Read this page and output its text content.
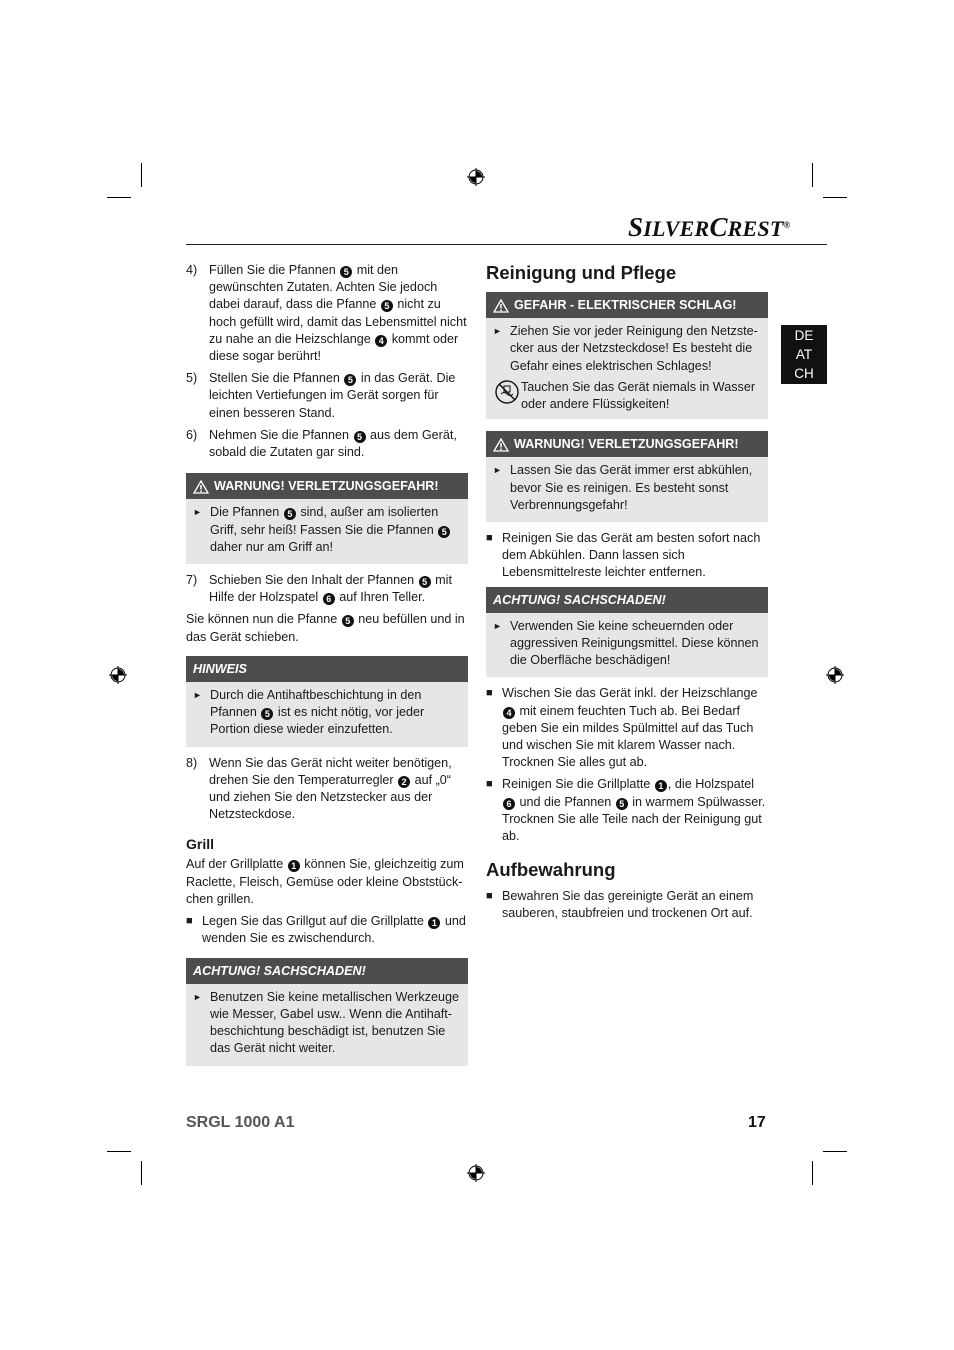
SILVERCREST®
DE
AT
CH
4) Füllen Sie die Pfannen 5 mit den gewünschten Zutaten. Achten Sie jedoch dabei darauf, dass die Pfanne 5 nicht zu hoch gefüllt wird, damit das Lebensmittel nicht zu nahe an die Heizschlange 4 kommt oder diese sogar berührt!
5) Stellen Sie die Pfannen 5 in das Gerät. Die leichten Vertiefungen im Gerät sorgen für einen besseren Stand.
6) Nehmen Sie die Pfannen 5 aus dem Gerät, sobald die Zutaten gar sind.
WARNUNG! VERLETZUNGSGEFAHR!
► Die Pfannen 5 sind, außer am isolierten Griff, sehr heiß! Fassen Sie die Pfannen 5 daher nur am Griff an!
7) Schieben Sie den Inhalt der Pfannen 5 mit Hilfe der Holzspatel 6 auf Ihren Teller.

Sie können nun die Pfanne 5 neu befüllen und in das Gerät schieben.

HINWEIS
► Durch die Antihaftbeschichtung in den Pfannen 5 ist es nicht nötig, vor jeder Portion diese wieder einzufetten.
8) Wenn Sie das Gerät nicht weiter benötigen, drehen Sie den Temperaturregler 2 auf „0“ und ziehen Sie den Netzstecker aus der Netzsteckdose.
Grill

Auf der Grillplatte 1 können Sie, gleichzeitig zum Raclette, Fleisch, Gemüse oder kleine Obststückchen grillen.

■ Legen Sie das Grillgut auf die Grillplatte 1 und wenden Sie es zwischendurch.
ACHTUNG! SACHSCHADEN!
► Benutzen Sie keine metallischen Werkzeuge wie Messer, Gabel usw.. Wenn die Antihaftbeschichtung beschädigt ist, benutzen Sie das Gerät nicht weiter.
Reinigung und Pflege
GEFAHR - ELEKTRISCHER SCHLAG!
► Ziehen Sie vor jeder Reinigung den Netzstecker aus der Netzsteckdose! Es besteht die Gefahr eines elektrischen Schlages!
Tauchen Sie das Gerät niemals in Wasser oder andere Flüssigkeiten!
WARNUNG! VERLETZUNGSGEFAHR!
► Lassen Sie das Gerät immer erst abkühlen, bevor Sie es reinigen. Es besteht sonst Verbrennungsgefahr!
■ Reinigen Sie das Gerät am besten sofort nach dem Abkühlen. Dann lassen sich Lebensmittelreste leichter entfernen.
ACHTUNG! SACHSCHADEN!
► Verwenden Sie keine scheuernden oder aggressiven Reinigungsmittel. Diese können die Oberfläche beschädigen!
■ Wischen Sie das Gerät inkl. der Heizschlange 4 mit einem feuchten Tuch ab. Bei Bedarf geben Sie ein mildes Spülmittel auf das Tuch und wischen Sie mit klarem Wasser nach. Trocknen Sie alles gut ab.
■ Reinigen Sie die Grillplatte 1 , die Holzspatel 6 und die Pfannen 5 in warmem Spülwasser. Trocknen Sie alle Teile nach der Reinigung gut ab.
Aufbewahrung
■ Bewahren Sie das gereinigte Gerät an einem sauberen, staubfreien und trockenen Ort auf.
SRGL 1000 A1	17
